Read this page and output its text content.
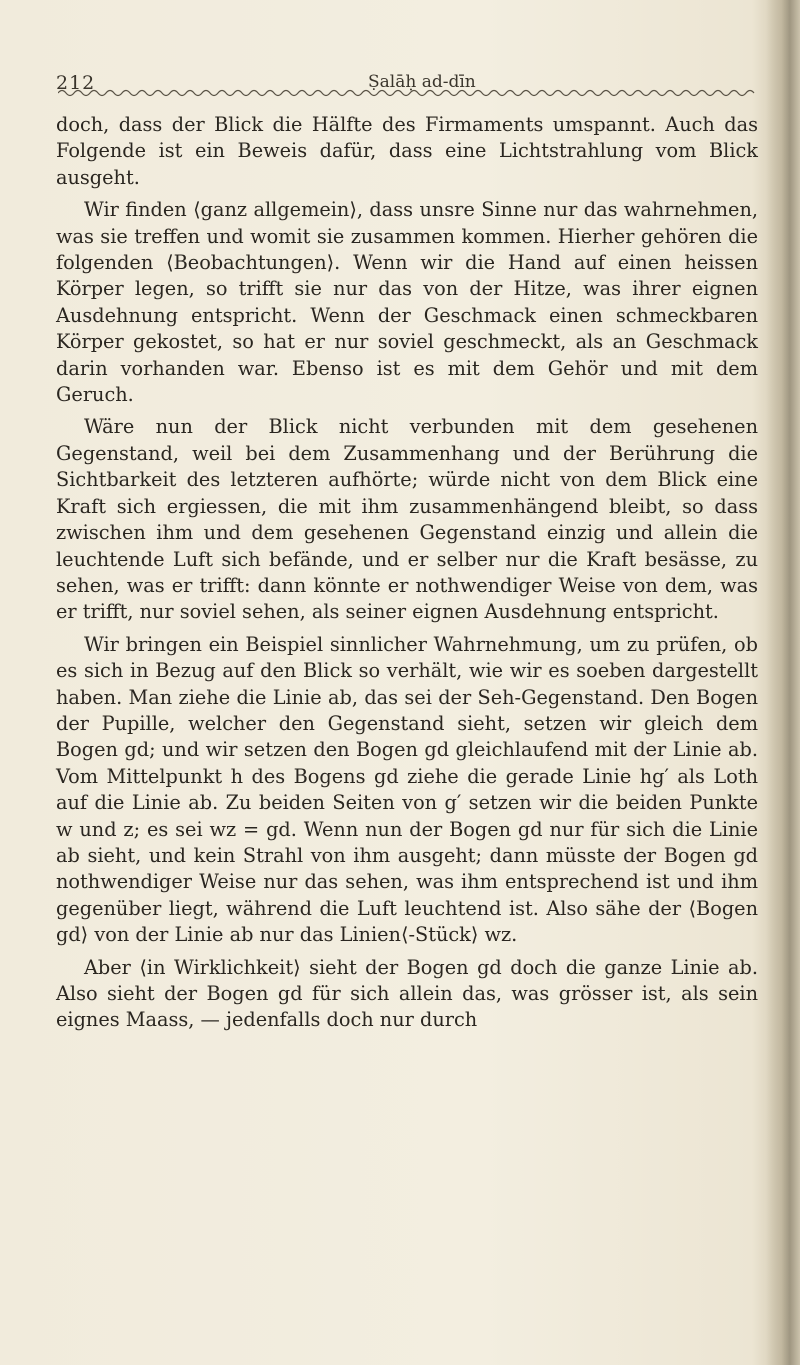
212	Ṣalāḥ ad-dīn

doch, dass der Blick die Hälfte des Firmaments umspannt. Auch das Folgende ist ein Beweis dafür, dass eine Lichtstrahlung vom Blick ausgeht.

Wir finden ⟨ganz allgemein⟩, dass unsre Sinne nur das wahrnehmen, was sie treffen und womit sie zusammen kommen. Hierher gehören die folgenden ⟨Beobachtungen⟩. Wenn wir die Hand auf einen heissen Körper legen, so trifft sie nur das von der Hitze, was ihrer eignen Ausdehnung entspricht. Wenn der Geschmack einen schmeckbaren Körper gekostet, so hat er nur soviel geschmeckt, als an Geschmack darin vorhanden war. Ebenso ist es mit dem Gehör und mit dem Geruch.

Wäre nun der Blick nicht verbunden mit dem gesehenen Gegenstand, weil bei dem Zusammenhang und der Berührung die Sichtbarkeit des letzteren aufhörte; würde nicht von dem Blick eine Kraft sich ergiessen, die mit ihm zusammenhängend bleibt, so dass zwischen ihm und dem gesehenen Gegenstand einzig und allein die leuchtende Luft sich befände, und er selber nur die Kraft besässe, zu sehen, was er trifft: dann könnte er nothwendiger Weise von dem, was er trifft, nur soviel sehen, als seiner eignen Ausdehnung entspricht.

Wir bringen ein Beispiel sinnlicher Wahrnehmung, um zu prüfen, ob es sich in Bezug auf den Blick so verhält, wie wir es soeben dargestellt haben. Man ziehe die Linie ab, das sei der Seh-Gegenstand. Den Bogen der Pupille, welcher den Gegenstand sieht, setzen wir gleich dem Bogen gd; und wir setzen den Bogen gd gleichlaufend mit der Linie ab. Vom Mittelpunkt h des Bogens gd ziehe die gerade Linie hg′ als Loth auf die Linie ab. Zu beiden Seiten von g′ setzen wir die beiden Punkte w und z; es sei wz = gd. Wenn nun der Bogen gd nur für sich die Linie ab sieht, und kein Strahl von ihm ausgeht; dann müsste der Bogen gd nothwendiger Weise nur das sehen, was ihm entsprechend ist und ihm gegenüber liegt, während die Luft leuchtend ist. Also sähe der ⟨Bogen gd⟩ von der Linie ab nur das Linien⟨-Stück⟩ wz.

Aber ⟨in Wirklichkeit⟩ sieht der Bogen gd doch die ganze Linie ab. Also sieht der Bogen gd für sich allein das, was grösser ist, als sein eignes Maass, — jedenfalls doch nur durch
